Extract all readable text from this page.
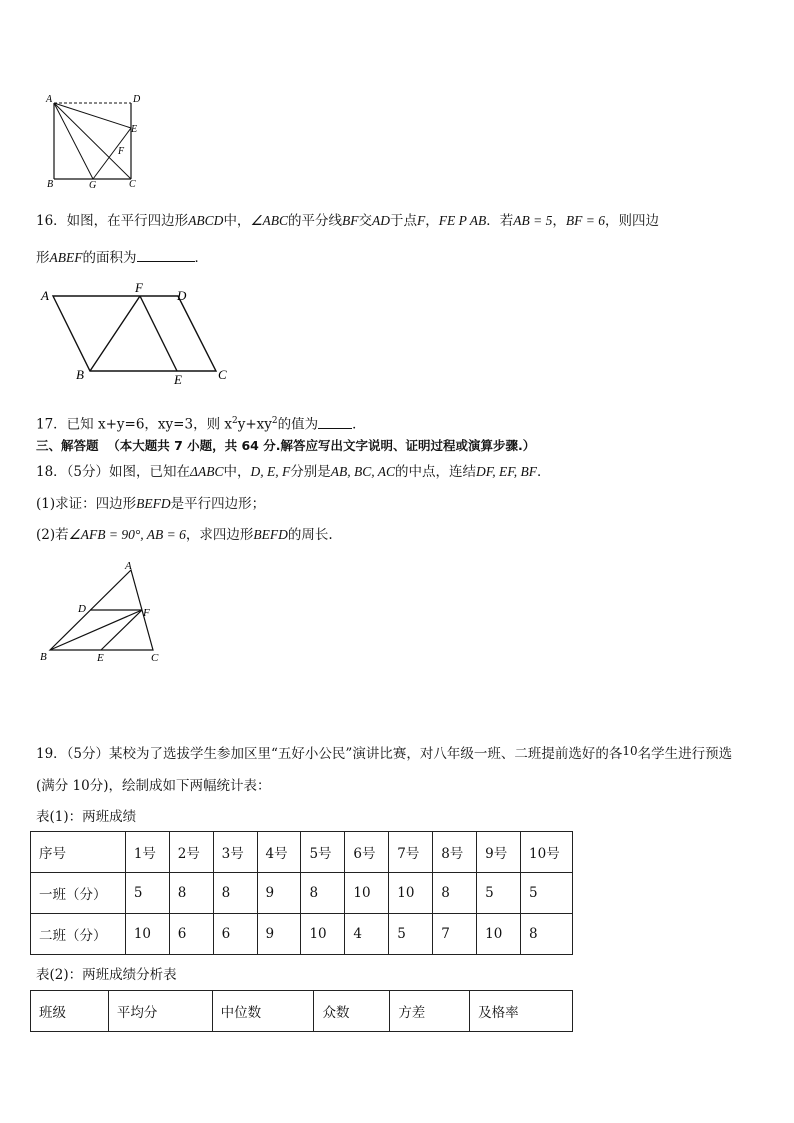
A	D
E
F
B	G	C
16．如图，在平行四边形ABCD中，∠ABC的平分线BF交AD于点F，FE P AB．若AB = 5，BF = 6，则四边
形ABEF的面积为	．
A
F
D
B	E	C
17．已知 x+y=6，xy=3，则 $x^2y+xy^2$的值为	．
三、解答题 （本大题共 7 小题，共 64 分.解答应写出文字说明、证明过程或演算步骤.）
18．（5分）如图，已知在ΔABC中，D, E, F分别是AB, BC, AC的中点，连结DF, EF, BF．
(1)求证：四边形BEFD是平行四边形；
(2)若∠AFB = 90°, AB = 6，求四边形BEFD的周长.
A
D	F
B	E	C
19．（5分）某校为了选拔学生参加区里“五好小公民”演讲比赛，对八年级一班、二班提前选好的各10名学生进行预选
(满分 10分)，绘制成如下两幅统计表：
表(1)：两班成绩
序号	1号	2号	3号	4号	5号	6号	7号	8号	9号	10号
一班（分）	5	8	8	9	8	10	10	8	5	5
二班（分）	10	6	6	9	10	4	5	7	10	8
表(2)：两班成绩分析表
班级	平均分	中位数	众数	方差	及格率
